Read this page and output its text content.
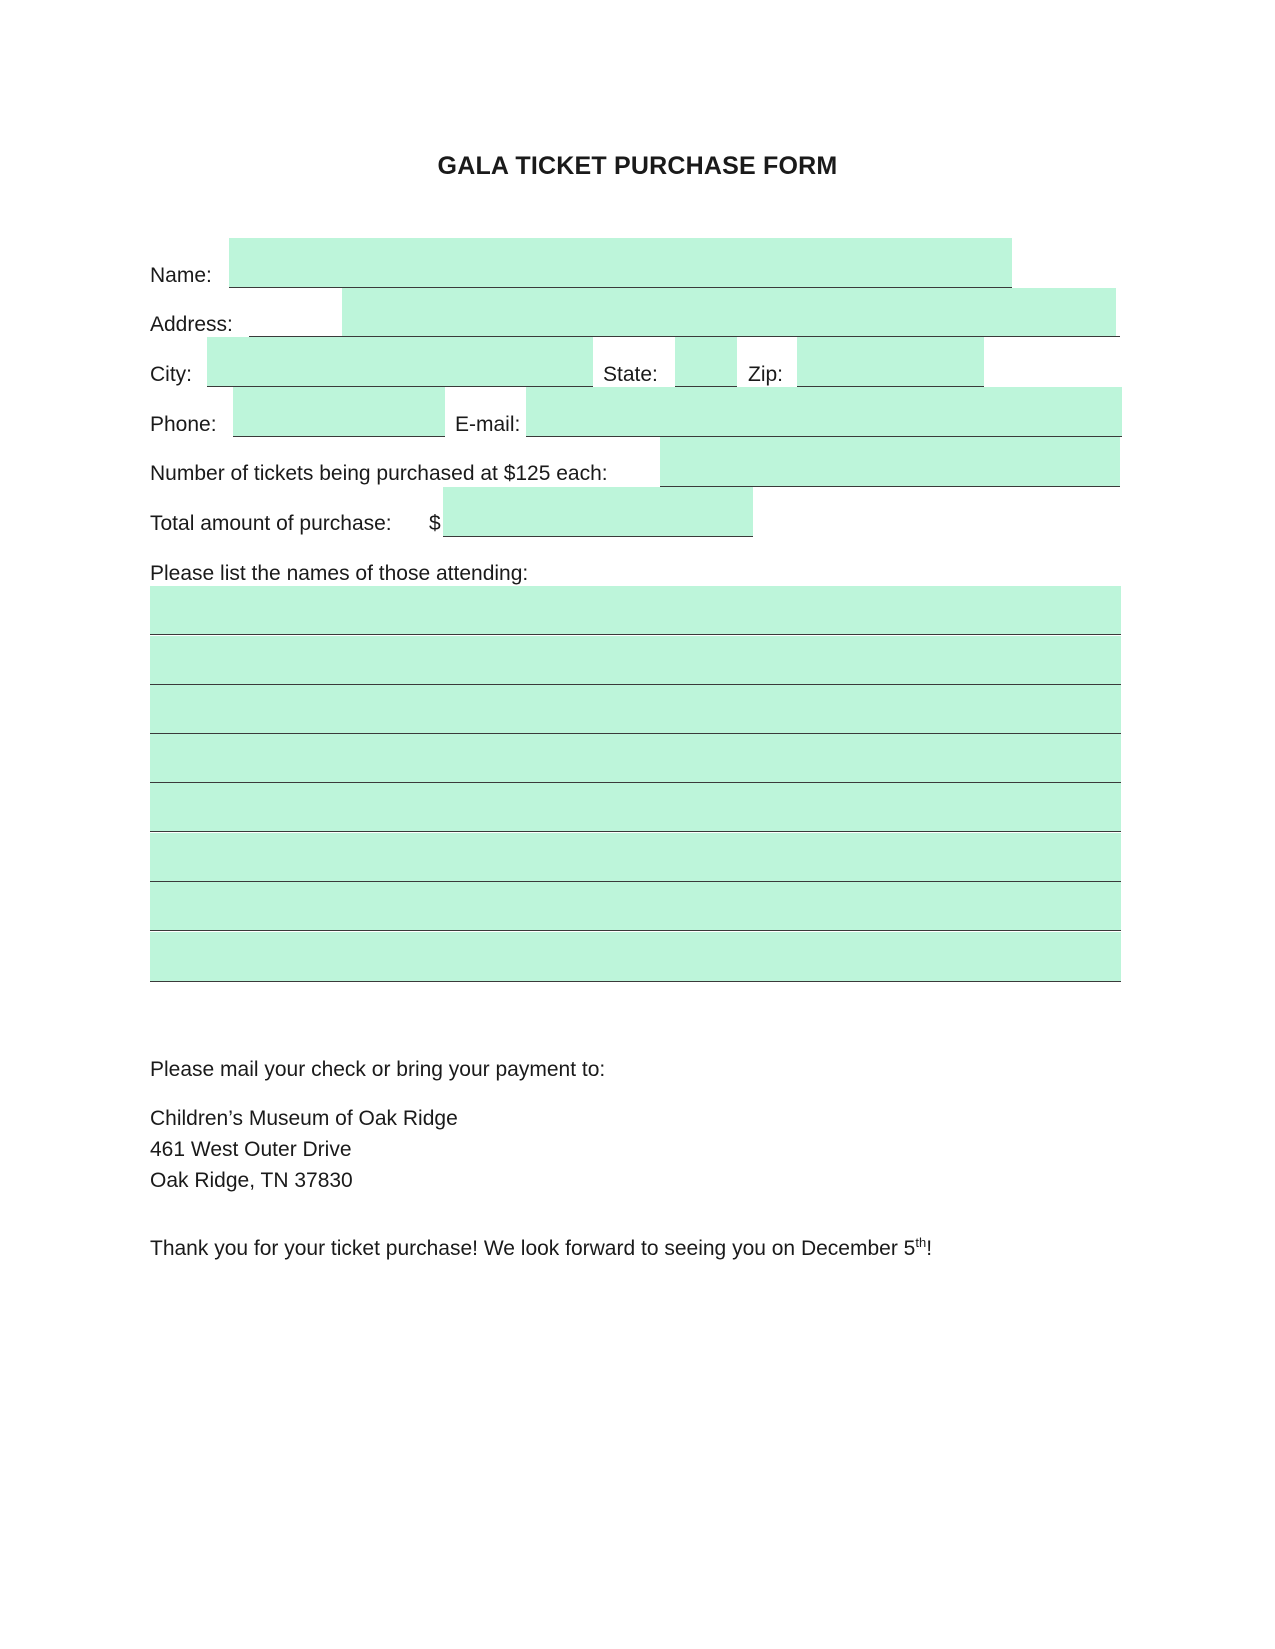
GALA TICKET PURCHASE FORM
Name:
Address:
City:	State:	Zip:
Phone:	E-mail:
Number of tickets being purchased at $125 each:
Total amount of purchase: $
Please list the names of those attending:
Please mail your check or bring your payment to:
Children’s Museum of Oak Ridge
461 West Outer Drive
Oak Ridge, TN 37830
Thank you for your ticket purchase! We look forward to seeing you on December 5th!
